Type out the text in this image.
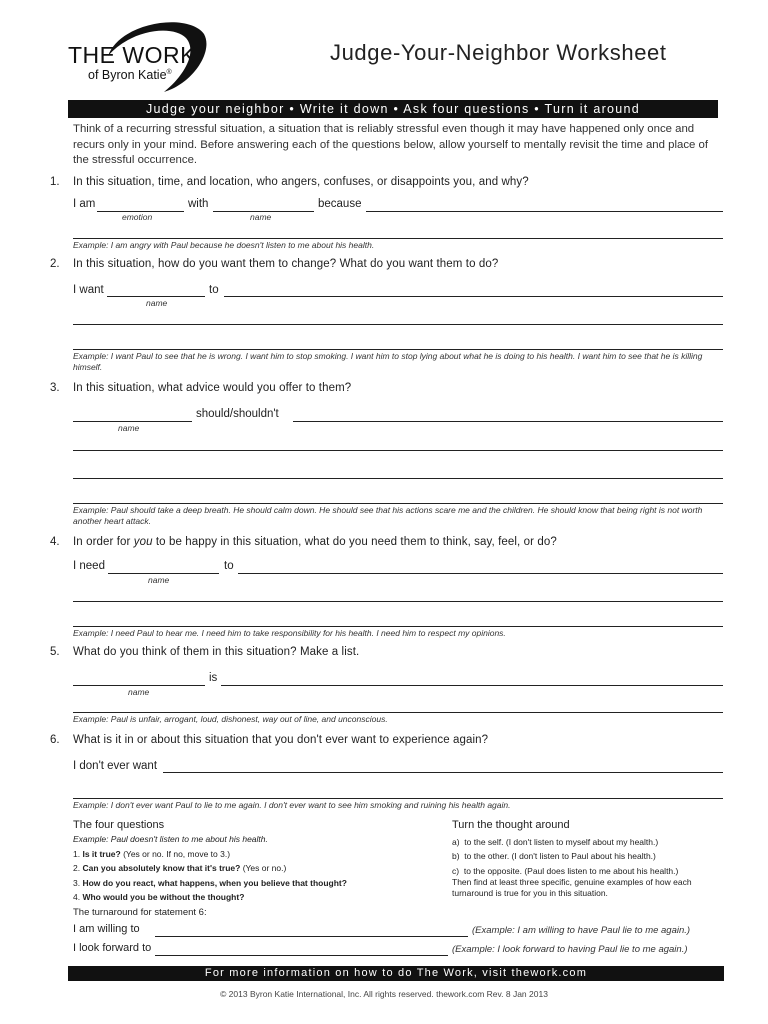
THE WORK
of Byron Katie®
Judge-Your-Neighbor Worksheet
Judge your neighbor • Write it down • Ask four questions • Turn it around
Think of a recurring stressful situation, a situation that is reliably stressful even though it may have happened only once and recurs only in your mind. Before answering each of the questions below, allow yourself to mentally revisit the time and place of the stressful occurrence.
1. In this situation, time, and location, who angers, confuses, or disappoints you, and why?
I am
emotion
with
name
because
Example: I am angry with Paul because he doesn't listen to me about his health.
2. In this situation, how do you want them to change? What do you want them to do?
I want
name
to
Example: I want Paul to see that he is wrong. I want him to stop smoking. I want him to stop lying about what he is doing to his health. I want him to see that he is killing himself.
3. In this situation, what advice would you offer to them?
name
should/shouldn't
Example: Paul should take a deep breath. He should calm down. He should see that his actions scare me and the children. He should know that being right is not worth another heart attack.
4. In order for you to be happy in this situation, what do you need them to think, say, feel, or do?
I need
name
to
Example: I need Paul to hear me. I need him to take responsibility for his health. I need him to respect my opinions.
5. What do you think of them in this situation? Make a list.
name
is
Example: Paul is unfair, arrogant, loud, dishonest, way out of line, and unconscious.
6. What is it in or about this situation that you don't ever want to experience again?
I don't ever want
Example: I don't ever want Paul to lie to me again. I don't ever want to see him smoking and ruining his health again.
The four questions
Example: Paul doesn't listen to me about his health.
1. Is it true? (Yes or no. If no, move to 3.)
2. Can you absolutely know that it's true? (Yes or no.)
3. How do you react, what happens, when you believe that thought?
4. Who would you be without the thought?
Turn the thought around
a) to the self. (I don't listen to myself about my health.)
b) to the other. (I don't listen to Paul about his health.)
c) to the opposite. (Paul does listen to me about his health.)
Then find at least three specific, genuine examples of how each turnaround is true for you in this situation.
The turnaround for statement 6:
I am willing to	(Example: I am willing to have Paul lie to me again.)
I look forward to	(Example: I look forward to having Paul lie to me again.)
For more information on how to do The Work, visit thework.com
© 2013 Byron Katie International, Inc. All rights reserved. thework.com Rev. 8 Jan 2013
